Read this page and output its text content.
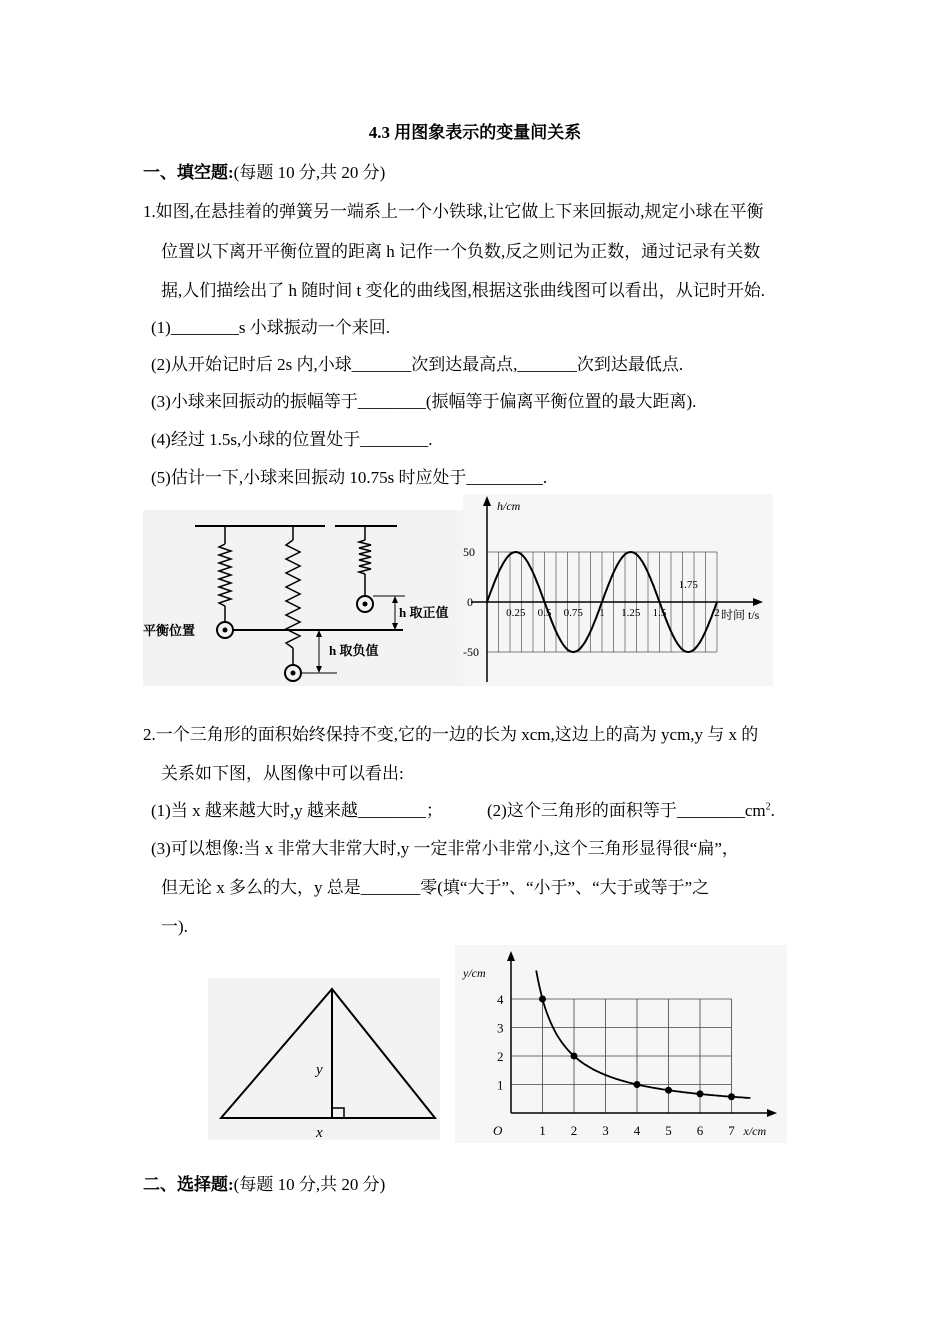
4.3 用图象表示的变量间关系
一、填空题:(每题 10 分,共 20 分)
1.如图,在悬挂着的弹簧另一端系上一个小铁球,让它做上下来回振动,规定小球在平衡
位置以下离开平衡位置的距离 h 记作一个负数,反之则记为正数，通过记录有关数
据,人们描绘出了 h 随时间 t 变化的曲线图,根据这张曲线图可以看出，从记时开始.
(1)________s 小球振动一个来回.
(2)从开始记时后 2s 内,小球_______次到达最高点,_______次到达最低点.
(3)小球来回振动的振幅等于________(振幅等于偏离平衡位置的最大距离).
(4)经过 1.5s,小球的位置处于________.
(5)估计一下,小球来回振动 10.75s 时应处于_________.
平衡位置
h 取正值
h 取负值
h/cm
0
50
-50
0.25 0.5 0.75 1 1.25 1.5
1.75
2 时间 t/s
2.一个三角形的面积始终保持不变,它的一边的长为 xcm,这边上的高为 ycm,y 与 x 的
关系如下图，从图像中可以看出:
(1)当 x 越来越大时,y 越来越________；	(2)这个三角形的面积等于$\_\_\_\_\_\_\_\_cm^2$.
(3)可以想像:当 x 非常大非常大时,y 一定非常小非常小,这个三角形显得很“扁”，
但无论 x 多么的大，y 总是_______零(填“大于”、“小于”、“大于或等于”之
一).
y
x
y/cm
O
1
2
3
4
1 2 3 4 5 6 7 x/cm
二、选择题:(每题 10 分,共 20 分)
